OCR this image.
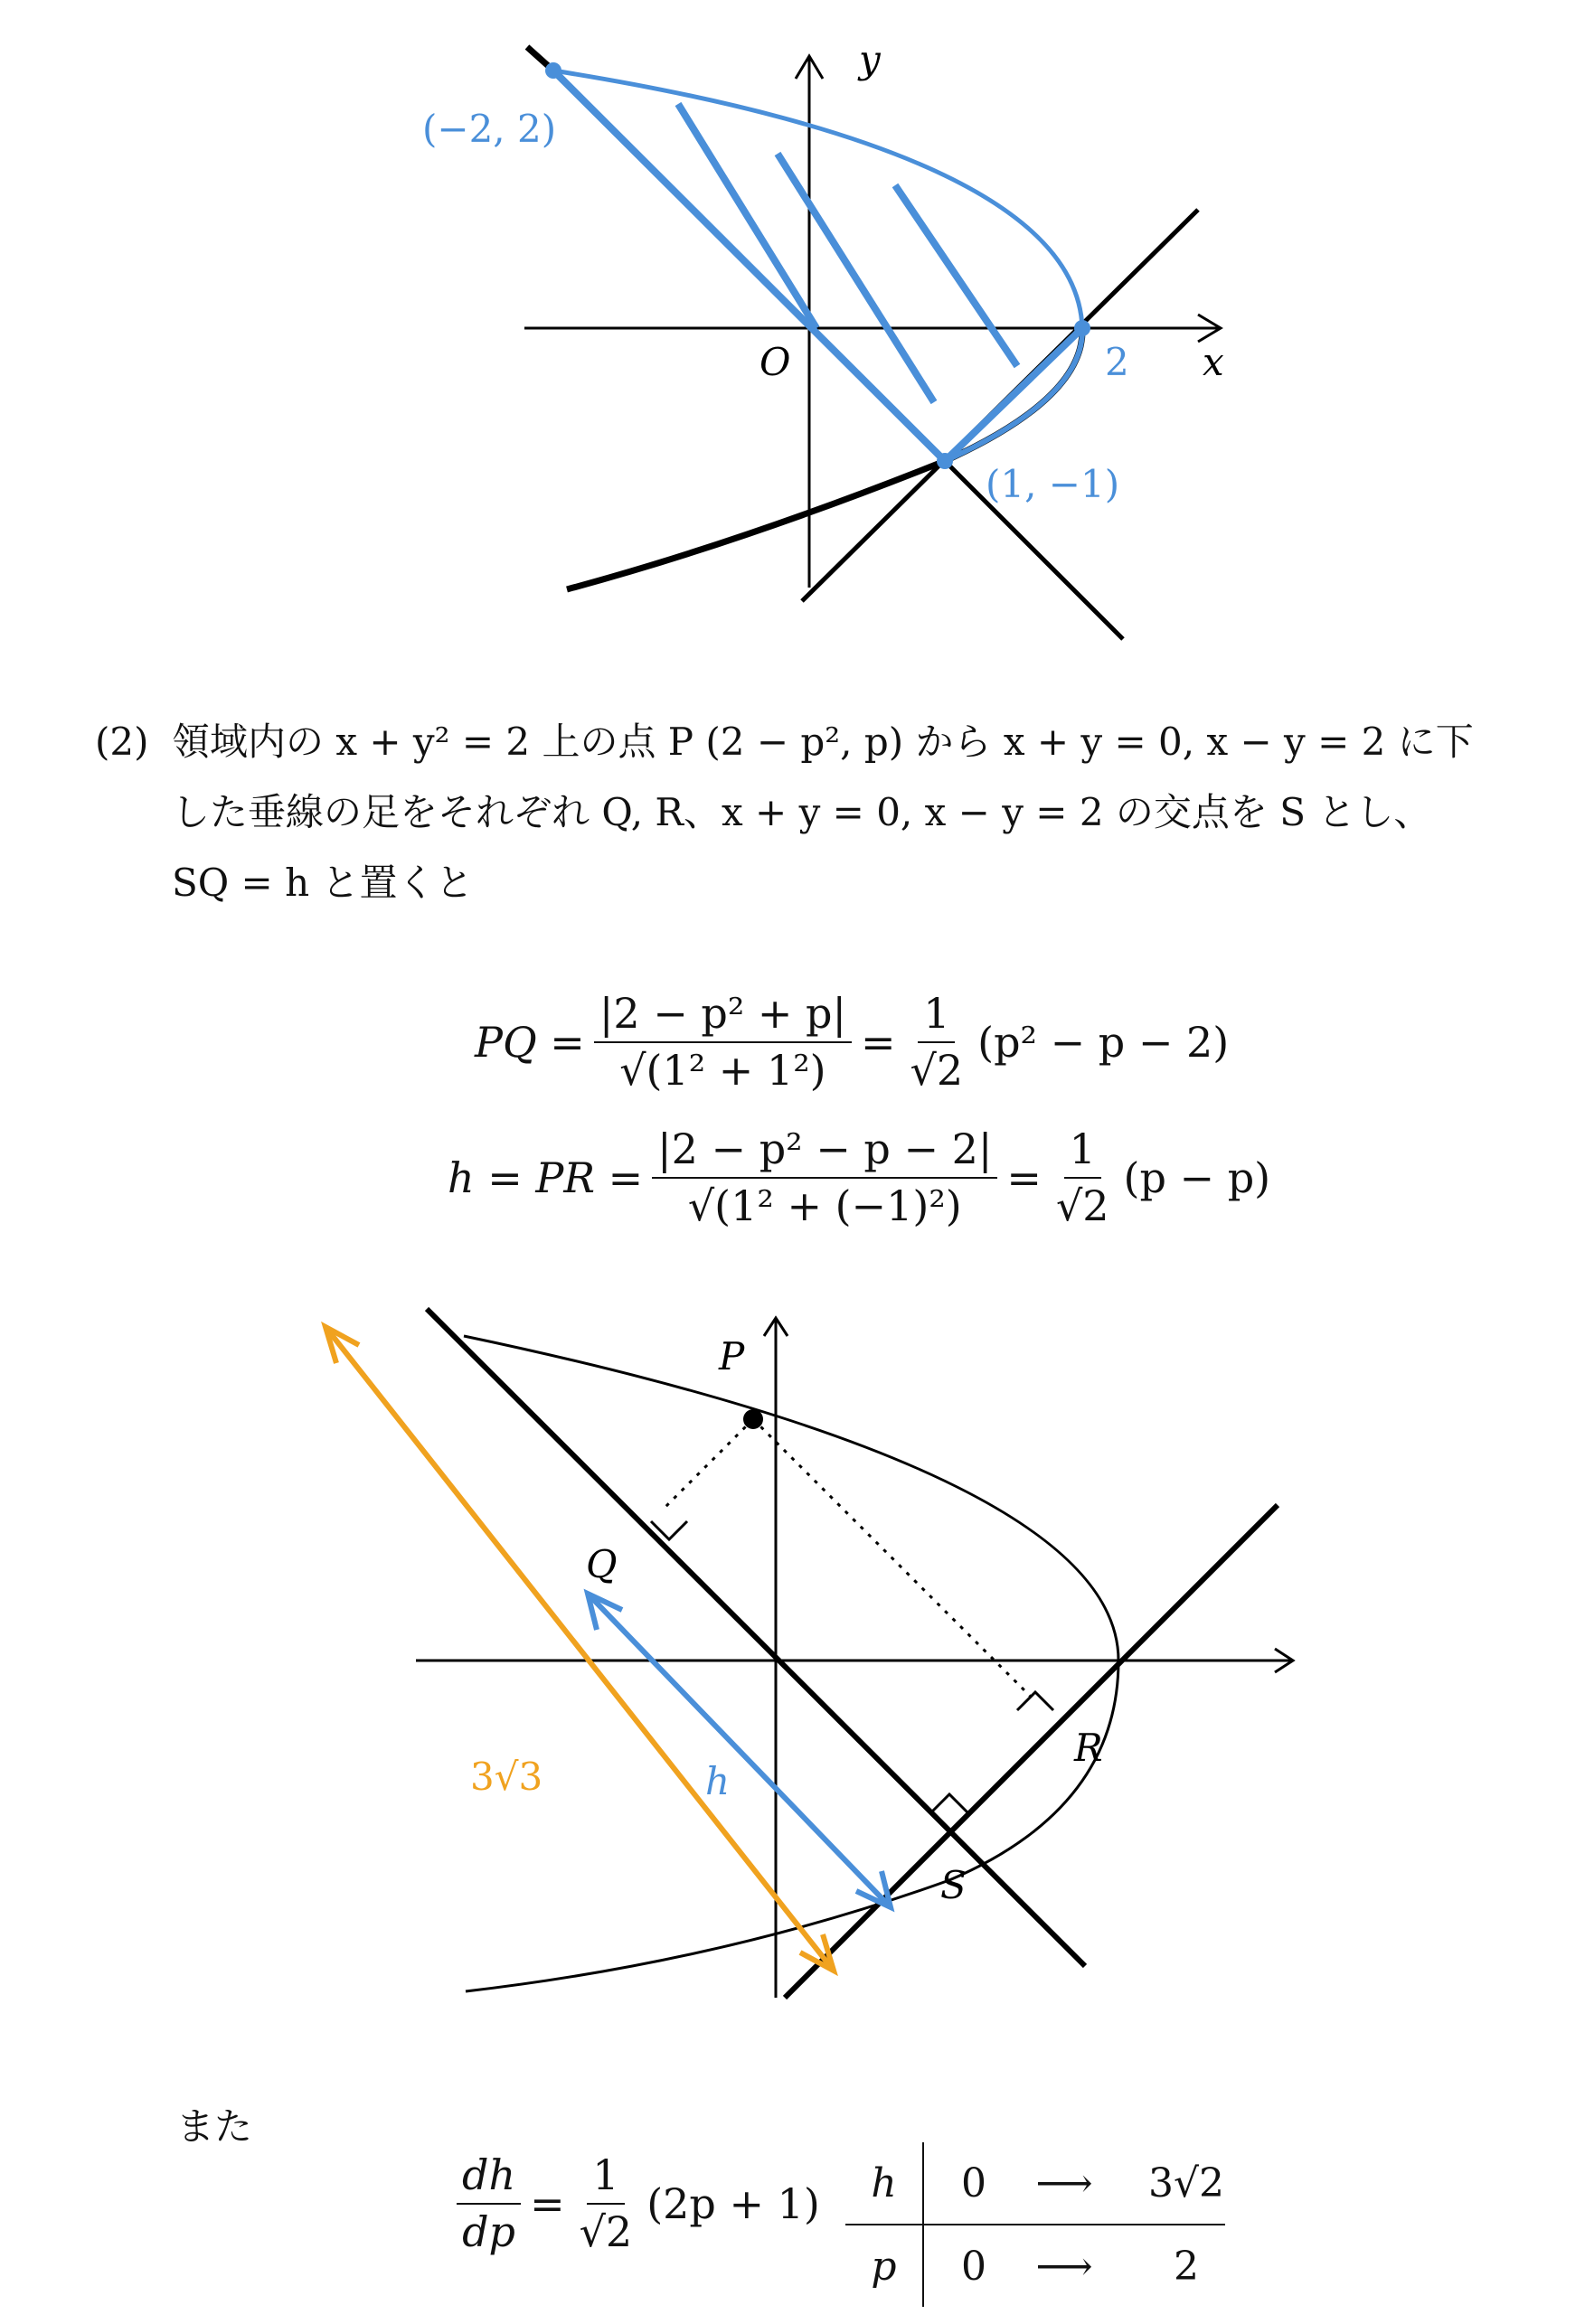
y
x
O
(−2, 2)
2
(1, −1)
(2) 領域内の x + y² = 2 上の点 P (2 − p², p) から x + y = 0, x − y = 2 に下
した垂線の足をそれぞれ Q, R、x + y = 0, x − y = 2 の交点を S とし、
SQ = h と置くと
PQ = $\frac{\text{|2 − p² + p|}}{\text{√(1² + 1²)}} = \frac{1}{√2} (p^2 - p - 2)$
h = PR = $\frac{\text{|2 − p² − p − 2|}}{\text{√(1² + (−1)²)}} = \frac{1}{√2} (p - p)$
P
Q
R
S
h
3√3
また
$\frac{dh}{dp} = \frac{1}{√2} (2p + 1)$	h	0	⟶	3√2
p	0	⟶	2
